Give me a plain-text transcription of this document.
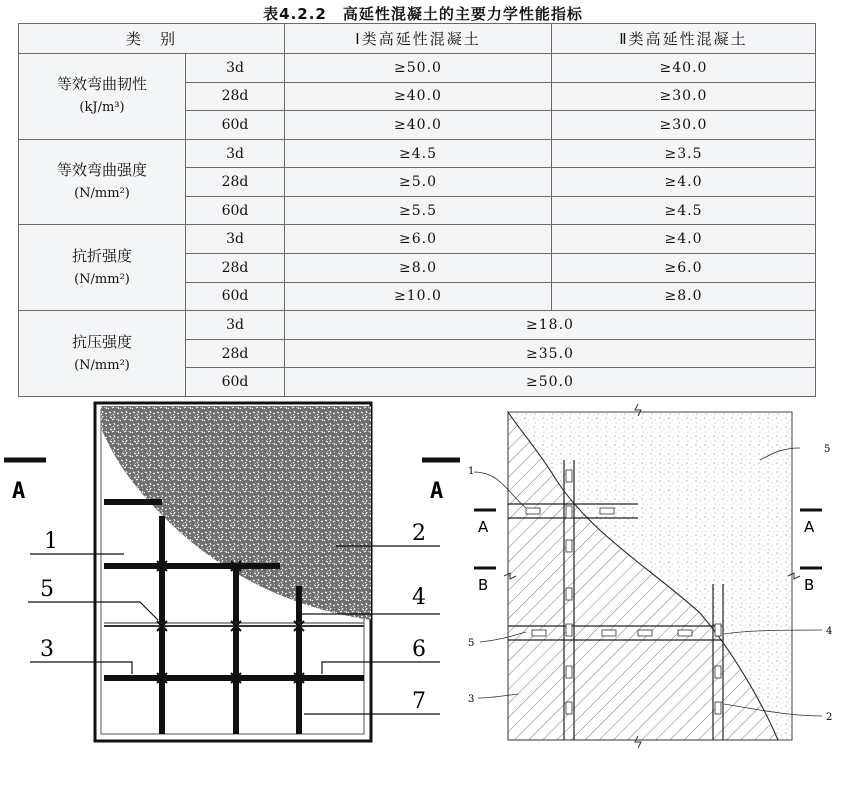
表4.2.2　高延性混凝土的主要力学性能指标
类　别		Ⅰ类高延性混凝土	Ⅱ类高延性混凝土

等效弯曲韧性
(kJ/m³)	3d	≥50.0	≥40.0
	28d	≥40.0	≥30.0
	60d	≥40.0	≥30.0

等效弯曲强度
(N/mm²)	3d	≥4.5	≥3.5
	28d	≥5.0	≥4.0
	60d	≥5.5	≥4.5

抗折强度
(N/mm²)	3d	≥6.0	≥4.0
	28d	≥8.0	≥6.0
	60d	≥10.0	≥8.0

抗压强度
(N/mm²)	3d	≥18.0	
	28d	≥35.0	
	60d	≥50.0	
A	A
1	2
5	4
3	6
7
A	A
B	B
1
5
5
4
3
2
